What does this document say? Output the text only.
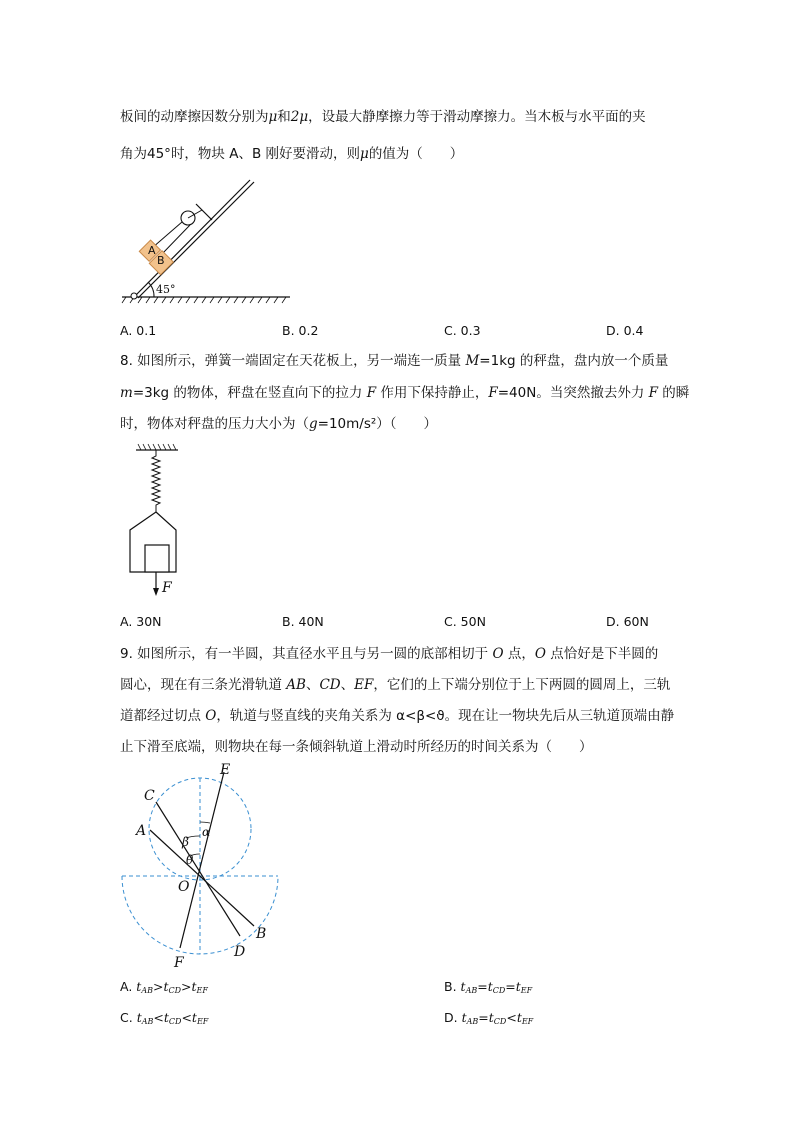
板间的动摩擦因数分别为μ和2μ，设最大静摩擦力等于滑动摩擦力。当木板与水平面的夹
角为45°时，物块 A、B 刚好要滑动，则μ的值为（　　）
45°
A
B
A. 0.1	B. 0.2	C. 0.3	D. 0.4
8. 如图所示，弹簧一端固定在天花板上，另一端连一质量 M=1kg 的秤盘，盘内放一个质量
m=3kg 的物体，秤盘在竖直向下的拉力 F 作用下保持静止，F=40N。当突然撤去外力 F 的瞬
时，物体对秤盘的压力大小为（g=10m/s²）（　　）
F
A. 30N	B. 40N	C. 50N	D. 60N
9. 如图所示，有一半圆，其直径水平且与另一圆的底部相切于 O 点，O 点恰好是下半圆的
圆心，现在有三条光滑轨道 AB、CD、EF，它们的上下端分别位于上下两圆的圆周上，三轨
道都经过切点 O，轨道与竖直线的夹角关系为 α<β<ϑ。现在让一物块先后从三轨道顶端由静
止下滑至底端，则物块在每一条倾斜轨道上滑动时所经历的时间关系为（　　）
E
C
A
O
B
D
F
α
β
θ
A. $t_{AB}>t_{CD}>t_{EF}$	B. $t_{AB}=t_{CD}=t_{EF}$
C. $t_{AB}<t_{CD}<t_{EF}$	D. $t_{AB}=t_{CD}<t_{EF}$
